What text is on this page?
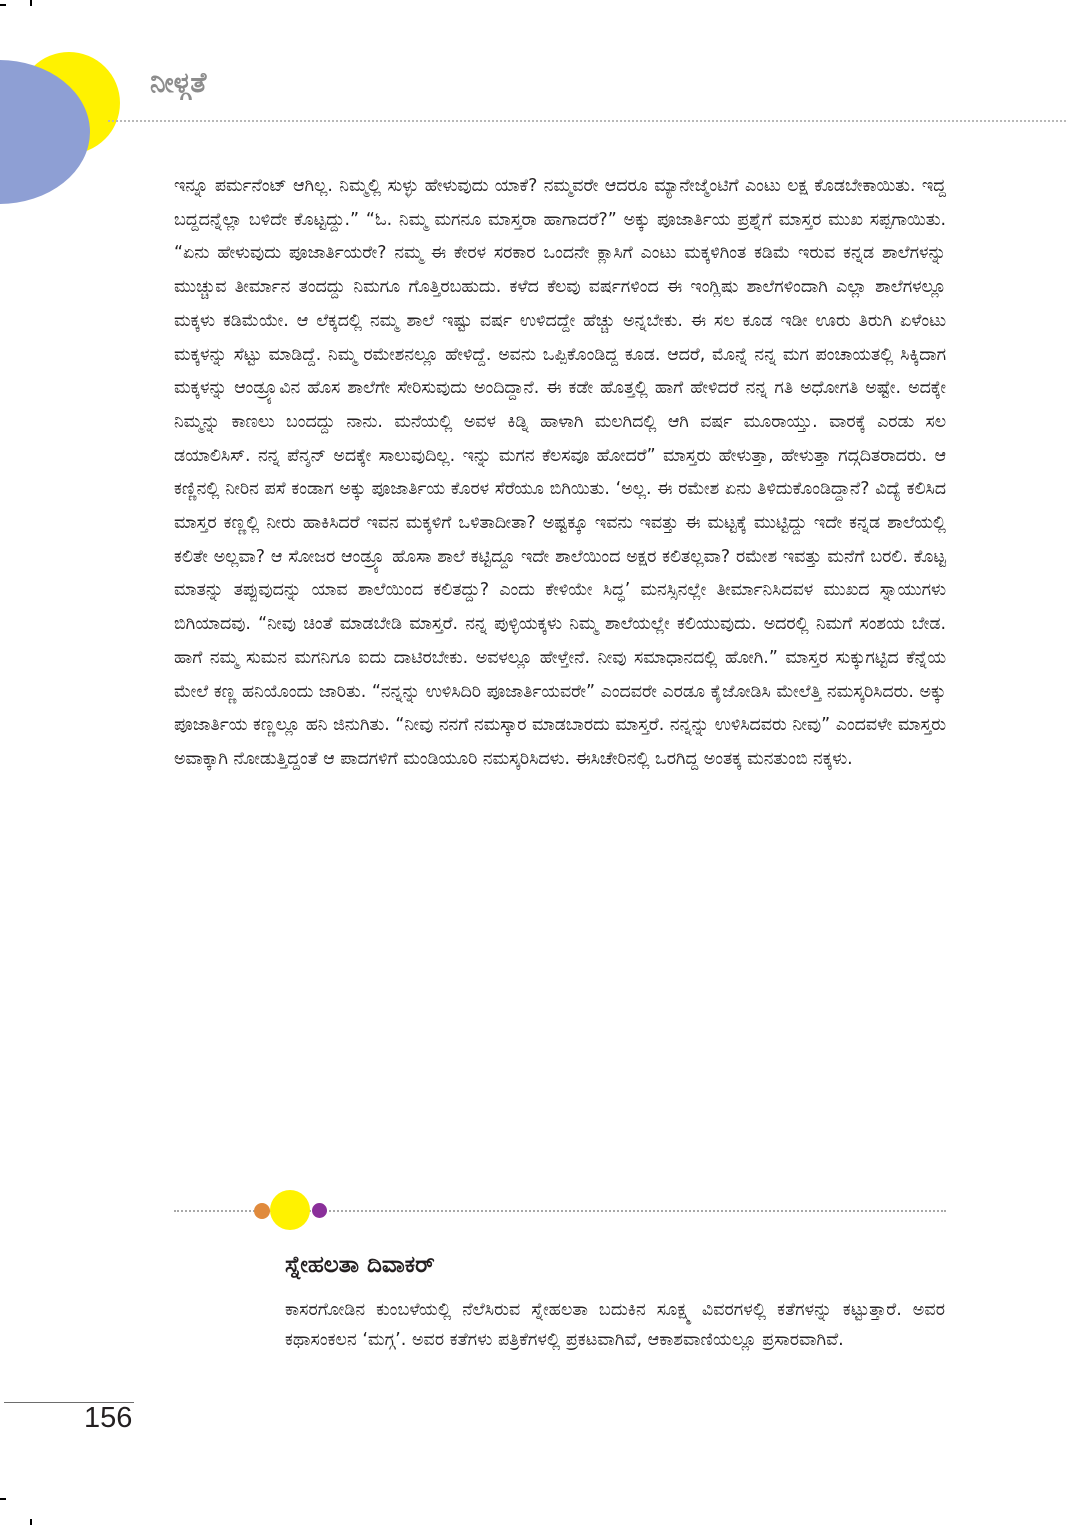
ನೀಳ್ಗತೆ

ಇನ್ನೂ ಪರ್ಮನೆಂಟ್ ಆಗಿಲ್ಲ. ನಿಮ್ಮಲ್ಲಿ ಸುಳ್ಳು ಹೇಳುವುದು ಯಾಕೆ? ನಮ್ಮವರೇ ಆದರೂ ಮ್ಯಾನೇಜ್ಮೆಂಟಿಗೆ ಎಂಟು ಲಕ್ಷ ಕೊಡಬೇಕಾಯಿತು. ಇದ್ದ ಬದ್ದದನ್ನೆಲ್ಲಾ ಬಳಿದೇ ಕೊಟ್ಟದ್ದು.” “ಓ. ನಿಮ್ಮ ಮಗನೂ ಮಾಸ್ತರಾ ಹಾಗಾದರೆ?” ಅಕ್ಕು ಪೂಜಾರ್ತಿಯ ಪ್ರಶ್ನೆಗೆ ಮಾಸ್ತರ ಮುಖ ಸಪ್ಪಗಾಯಿತು. “ಏನು ಹೇಳುವುದು ಪೂಜಾರ್ತಿಯರೇ? ನಮ್ಮ ಈ ಕೇರಳ ಸರಕಾರ ಒಂದನೇ ಕ್ಲಾಸಿಗೆ ಎಂಟು ಮಕ್ಕಳಿಗಿಂತ ಕಡಿಮೆ ಇರುವ ಕನ್ನಡ ಶಾಲೆಗಳನ್ನು ಮುಚ್ಚುವ ತೀರ್ಮಾನ ತಂದದ್ದು ನಿಮಗೂ ಗೊತ್ತಿರಬಹುದು. ಕಳೆದ ಕೆಲವು ವರ್ಷಗಳಿಂದ ಈ ಇಂಗ್ಲಿಷು ಶಾಲೆಗಳಿಂದಾಗಿ ಎಲ್ಲಾ ಶಾಲೆಗಳಲ್ಲೂ ಮಕ್ಕಳು ಕಡಿಮೆಯೇ. ಆ ಲೆಕ್ಕದಲ್ಲಿ ನಮ್ಮ ಶಾಲೆ ಇಷ್ಟು ವರ್ಷ ಉಳಿದದ್ದೇ ಹೆಚ್ಚು ಅನ್ನಬೇಕು. ಈ ಸಲ ಕೂಡ ಇಡೀ ಊರು ತಿರುಗಿ ಏಳೆಂಟು ಮಕ್ಕಳನ್ನು ಸೆಟ್ಟು ಮಾಡಿದ್ದೆ. ನಿಮ್ಮ ರಮೇಶನಲ್ಲೂ ಹೇಳಿದ್ದೆ. ಅವನು ಒಪ್ಪಿಕೊಂಡಿದ್ದ ಕೂಡ. ಆದರೆ, ಮೊನ್ನೆ ನನ್ನ ಮಗ ಪಂಚಾಯತಲ್ಲಿ ಸಿಕ್ಕಿದಾಗ ಮಕ್ಕಳನ್ನು ಆಂಡ್ರ್ಯೂವಿನ ಹೊಸ ಶಾಲೆಗೇ ಸೇರಿಸುವುದು ಅಂದಿದ್ದಾನೆ. ಈ ಕಡೇ ಹೊತ್ತಲ್ಲಿ ಹಾಗೆ ಹೇಳಿದರೆ ನನ್ನ ಗತಿ ಅಧೋಗತಿ ಅಷ್ಟೇ. ಅದಕ್ಕೇ ನಿಮ್ಮನ್ನು ಕಾಣಲು ಬಂದದ್ದು ನಾನು. ಮನೆಯಲ್ಲಿ ಅವಳ ಕಿಡ್ನಿ ಹಾಳಾಗಿ ಮಲಗಿದಲ್ಲಿ ಆಗಿ ವರ್ಷ ಮೂರಾಯ್ತು. ವಾರಕ್ಕೆ ಎರಡು ಸಲ ಡಯಾಲಿಸಿಸ್. ನನ್ನ ಪೆನ್ಶನ್ ಅದಕ್ಕೇ ಸಾಲುವುದಿಲ್ಲ. ಇನ್ನು ಮಗನ ಕೆಲಸವೂ ಹೋದರೆ” ಮಾಸ್ತರು ಹೇಳುತ್ತಾ, ಹೇಳುತ್ತಾ ಗದ್ಗದಿತರಾದರು. ಆ ಕಣ್ಣಿನಲ್ಲಿ ನೀರಿನ ಪಸೆ ಕಂಡಾಗ ಅಕ್ಕು ಪೂಜಾರ್ತಿಯ ಕೊರಳ ಸೆರೆಯೂ ಬಿಗಿಯಿತು. ‘ಅಲ್ಲ. ಈ ರಮೇಶ ಏನು ತಿಳಿದುಕೊಂಡಿದ್ದಾನೆ? ವಿದ್ಯೆ ಕಲಿಸಿದ ಮಾಸ್ತರ ಕಣ್ಣಲ್ಲಿ ನೀರು ಹಾಕಿಸಿದರೆ ಇವನ ಮಕ್ಕಳಿಗೆ ಒಳಿತಾದೀತಾ? ಅಷ್ಟಕ್ಕೂ ಇವನು ಇವತ್ತು ಈ ಮಟ್ಟಕ್ಕೆ ಮುಟ್ಟಿದ್ದು ಇದೇ ಕನ್ನಡ ಶಾಲೆಯಲ್ಲಿ ಕಲಿತೇ ಅಲ್ಲವಾ? ಆ ಸೋಜರ ಆಂಡ್ರ್ಯೂ ಹೊಸಾ ಶಾಲೆ ಕಟ್ಟಿದ್ದೂ ಇದೇ ಶಾಲೆಯಿಂದ ಅಕ್ಷರ ಕಲಿತಲ್ಲವಾ? ರಮೇಶ ಇವತ್ತು ಮನೆಗೆ ಬರಲಿ. ಕೊಟ್ಟ ಮಾತನ್ನು ತಪ್ಪುವುದನ್ನು ಯಾವ ಶಾಲೆಯಿಂದ ಕಲಿತದ್ದು? ಎಂದು ಕೇಳಿಯೇ ಸಿದ್ಧ’ ಮನಸ್ಸಿನಲ್ಲೇ ತೀರ್ಮಾನಿಸಿದವಳ ಮುಖದ ಸ್ನಾಯುಗಳು ಬಿಗಿಯಾದವು. “ನೀವು ಚಿಂತೆ ಮಾಡಬೇಡಿ ಮಾಸ್ತರೆ. ನನ್ನ ಪುಳ್ಳಿಯಕ್ಕಳು ನಿಮ್ಮ ಶಾಲೆಯಲ್ಲೇ ಕಲಿಯುವುದು. ಅದರಲ್ಲಿ ನಿಮಗೆ ಸಂಶಯ ಬೇಡ. ಹಾಗೆ ನಮ್ಮ ಸುಮನ ಮಗನಿಗೂ ಐದು ದಾಟಿರಬೇಕು. ಅವಳಲ್ಲೂ ಹೇಳ್ತೇನೆ. ನೀವು ಸಮಾಧಾನದಲ್ಲಿ ಹೋಗಿ.” ಮಾಸ್ತರ ಸುಕ್ಕುಗಟ್ಟಿದ ಕೆನ್ನೆಯ ಮೇಲೆ ಕಣ್ಣ ಹನಿಯೊಂದು ಜಾರಿತು. “ನನ್ನನ್ನು ಉಳಿಸಿದಿರಿ ಪೂಜಾರ್ತಿಯವರೇ” ಎಂದವರೇ ಎರಡೂ ಕೈಜೋಡಿಸಿ ಮೇಲೆತ್ತಿ ನಮಸ್ಕರಿಸಿದರು. ಅಕ್ಕು ಪೂಜಾರ್ತಿಯ ಕಣ್ಣಲ್ಲೂ ಹನಿ ಜಿನುಗಿತು. “ನೀವು ನನಗೆ ನಮಸ್ಕಾರ ಮಾಡಬಾರದು ಮಾಸ್ತರೆ. ನನ್ನನ್ನು ಉಳಿಸಿದವರು ನೀವು” ಎಂದವಳೇ ಮಾಸ್ತರು ಅವಾಕ್ಕಾಗಿ ನೋಡುತ್ತಿದ್ದಂತೆ ಆ ಪಾದಗಳಿಗೆ ಮಂಡಿಯೂರಿ ನಮಸ್ಕರಿಸಿದಳು. ಈಸಿಚೇರಿನಲ್ಲಿ ಒರಗಿದ್ದ ಅಂತಕ್ಕ ಮನತುಂಬಿ ನಕ್ಕಳು.

ಸ್ನೇಹಲತಾ ದಿವಾಕರ್

ಕಾಸರಗೋಡಿನ ಕುಂಬಳೆಯಲ್ಲಿ ನೆಲೆಸಿರುವ ಸ್ನೇಹಲತಾ ಬದುಕಿನ ಸೂಕ್ಷ್ಮ ವಿವರಗಳಲ್ಲಿ ಕತೆಗಳನ್ನು ಕಟ್ಟುತ್ತಾರೆ. ಅವರ ಕಥಾಸಂಕಲನ ‘ಮಗ್ಗ’. ಅವರ ಕತೆಗಳು ಪತ್ರಿಕೆಗಳಲ್ಲಿ ಪ್ರಕಟವಾಗಿವೆ, ಆಕಾಶವಾಣಿಯಲ್ಲೂ ಪ್ರಸಾರವಾಗಿವೆ.

156
